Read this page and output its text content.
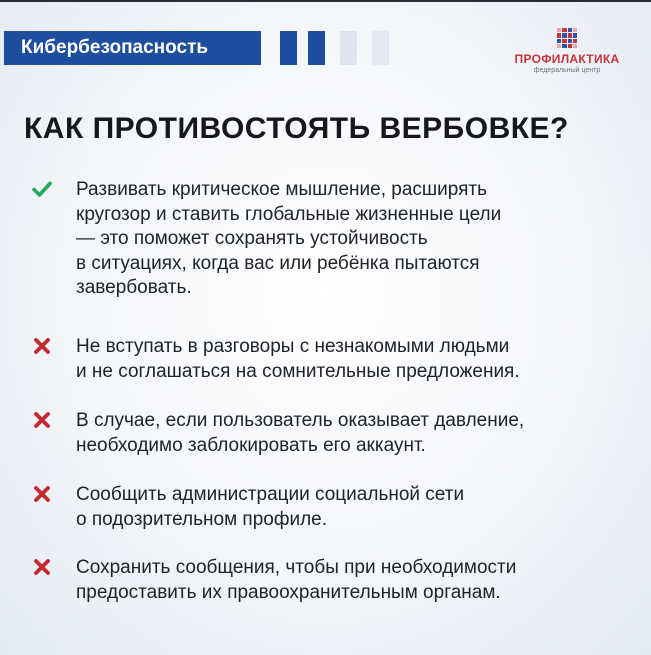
Кибербезопасность
ПРОФИЛАКТИКА
федеральный центр
КАК ПРОТИВОСТОЯТЬ ВЕРБОВКЕ?
Развивать критическое мышление, расширять
кругозор и ставить глобальные жизненные цели
— это поможет сохранять устойчивость
в ситуациях, когда вас или ребёнка пытаются
завербовать.
Не вступать в разговоры с незнакомыми людьми
и не соглашаться на сомнительные предложения.
В случае, если пользователь оказывает давление,
необходимо заблокировать его аккаунт.
Сообщить администрации социальной сети
о подозрительном профиле.
Сохранить сообщения, чтобы при необходимости
предоставить их правоохранительным органам.
